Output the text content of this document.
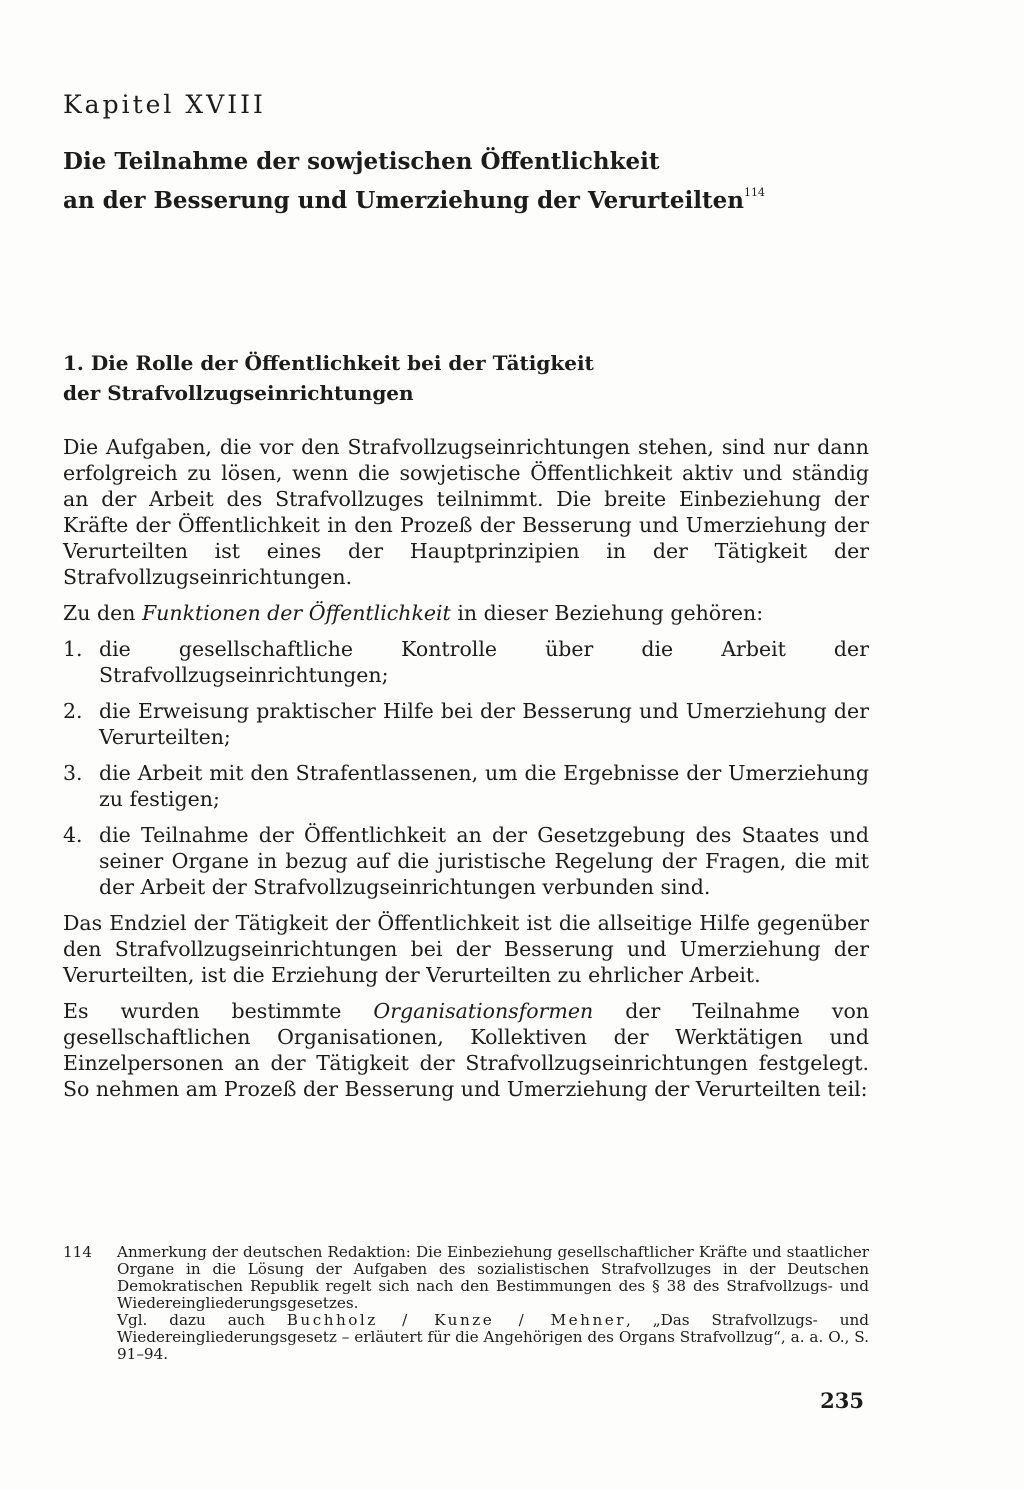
Kapitel XVIII
Die Teilnahme der sowjetischen Öffentlichkeit
an der Besserung und Umerziehung der Verurteilten$^{114}$
1. Die Rolle der Öffentlichkeit bei der Tätigkeit
der Strafvollzugseinrichtungen

Die Aufgaben, die vor den Strafvollzugseinrichtungen stehen, sind nur dann erfolgreich zu lösen, wenn die sowjetische Öffentlichkeit aktiv und ständig an der Arbeit des Strafvollzuges teilnimmt. Die breite Einbeziehung der Kräfte der Öffentlichkeit in den Prozeß der Besserung und Umerziehung der Verurteilten ist eines der Hauptprinzipien in der Tätigkeit der Strafvollzugseinrichtungen.

Zu den Funktionen der Öffentlichkeit in dieser Beziehung gehören:

1. die gesellschaftliche Kontrolle über die Arbeit der Strafvollzugseinrichtungen;
2. die Erweisung praktischer Hilfe bei der Besserung und Umerziehung der Verurteilten;
3. die Arbeit mit den Strafentlassenen, um die Ergebnisse der Umerziehung zu festigen;
4. die Teilnahme der Öffentlichkeit an der Gesetzgebung des Staates und seiner Organe in bezug auf die juristische Regelung der Fragen, die mit der Arbeit der Strafvollzugseinrichtungen verbunden sind.

Das Endziel der Tätigkeit der Öffentlichkeit ist die allseitige Hilfe gegenüber den Strafvollzugseinrichtungen bei der Besserung und Umerziehung der Verurteilten, ist die Erziehung der Verurteilten zu ehrlicher Arbeit.

Es wurden bestimmte Organisationsformen der Teilnahme von gesellschaftlichen Organisationen, Kollektiven der Werktätigen und Einzelpersonen an der Tätigkeit der Strafvollzugseinrichtungen festgelegt. So nehmen am Prozeß der Besserung und Umerziehung der Verurteilten teil:

114	Anmerkung der deutschen Redaktion: Die Einbeziehung gesellschaftlicher Kräfte und staatlicher Organe in die Lösung der Aufgaben des sozialistischen Strafvollzuges in der Deutschen Demokratischen Republik regelt sich nach den Bestimmungen des § 38 des Strafvollzugs- und Wiedereingliederungsgesetzes.
Vgl. dazu auch Buchholz / Kunze / Mehner, „Das Strafvollzugs- und Wiedereingliederungsgesetz – erläutert für die Angehörigen des Organs Strafvollzug“, a. a. O., S. 91–94.
235
